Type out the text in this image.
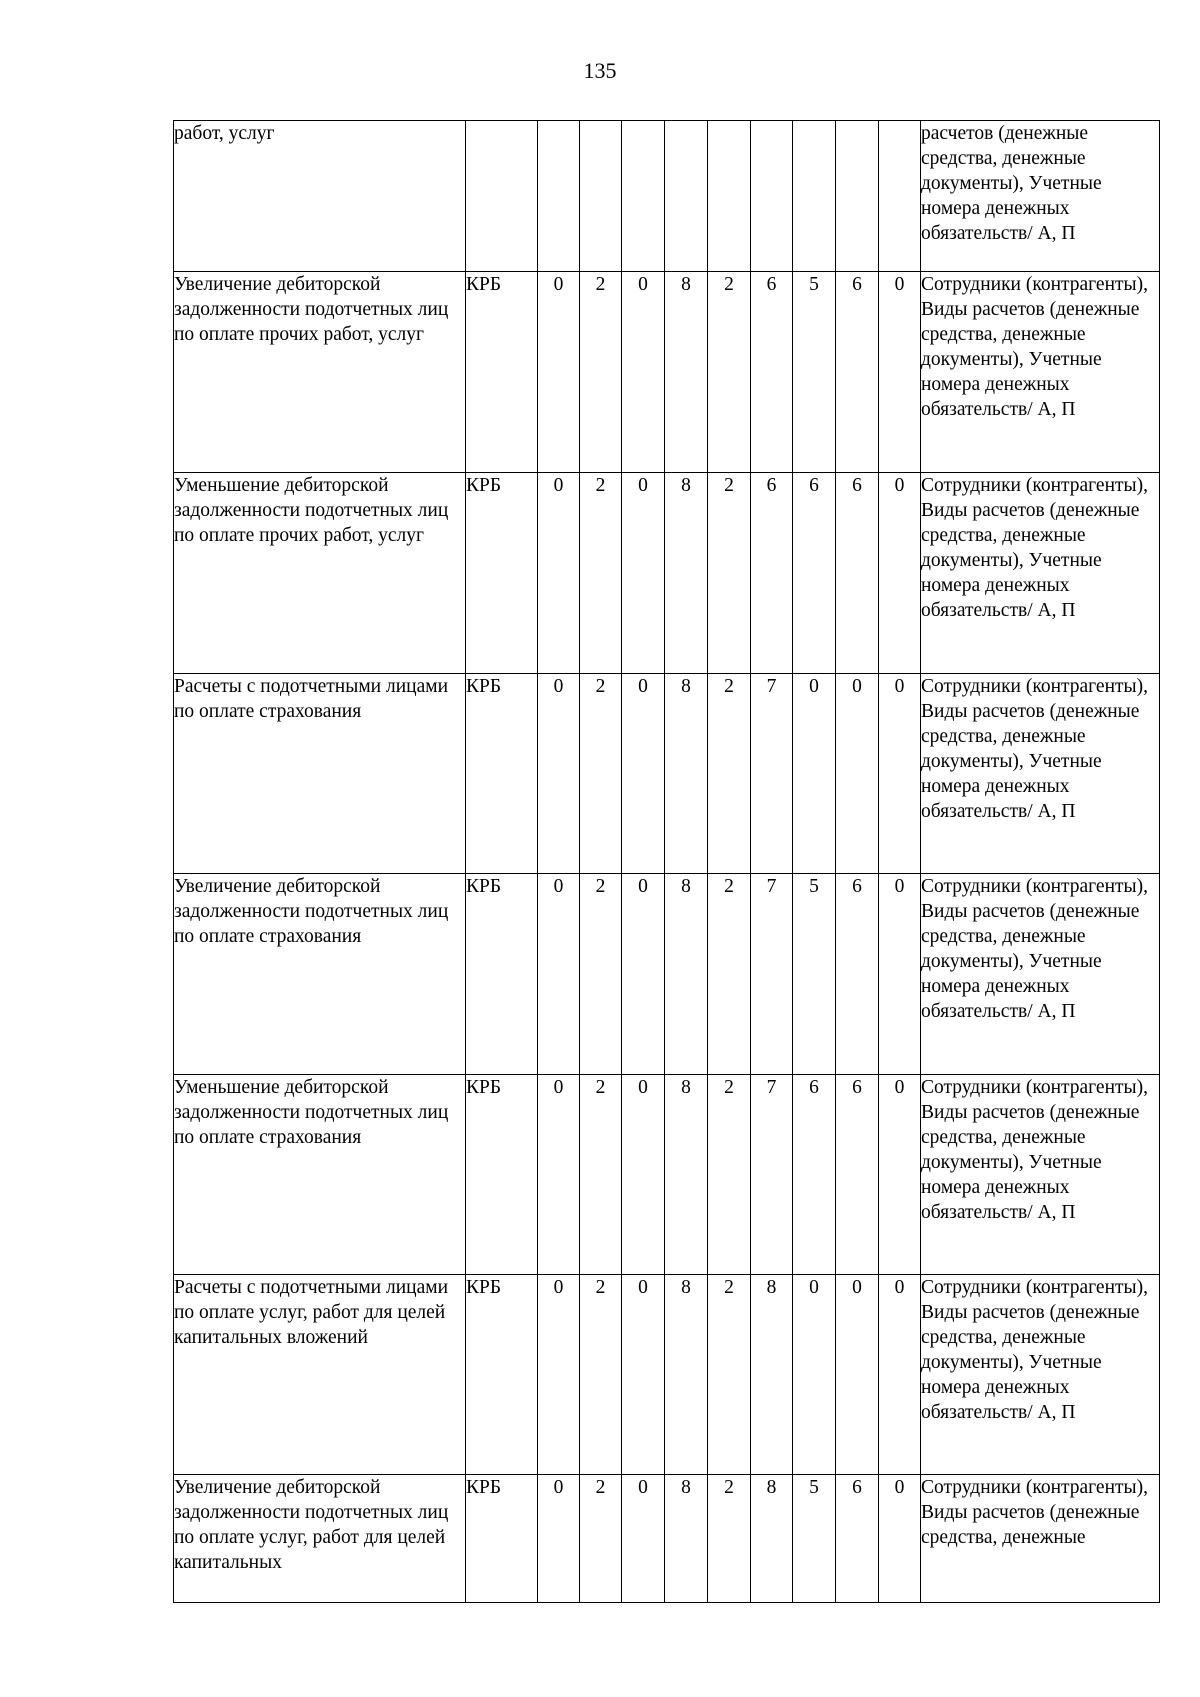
135
работ, услуг											расчетов (денежные средства, денежные документы), Учетные номера денежных обязательств/ А, П
Увеличение дебиторской задолженности подотчетных лиц по оплате прочих работ, услуг	КРБ	0	2	0	8	2	6	5	6	0	Сотрудники (контрагенты), Виды расчетов (денежные средства, денежные документы), Учетные номера денежных обязательств/ А, П
Уменьшение дебиторской задолженности подотчетных лиц по оплате прочих работ, услуг	КРБ	0	2	0	8	2	6	6	6	0	Сотрудники (контрагенты), Виды расчетов (денежные средства, денежные документы), Учетные номера денежных обязательств/ А, П
Расчеты с подотчетными лицами по оплате страхования	КРБ	0	2	0	8	2	7	0	0	0	Сотрудники (контрагенты), Виды расчетов (денежные средства, денежные документы), Учетные номера денежных обязательств/ А, П
Увеличение дебиторской задолженности подотчетных лиц по оплате страхования	КРБ	0	2	0	8	2	7	5	6	0	Сотрудники (контрагенты), Виды расчетов (денежные средства, денежные документы), Учетные номера денежных обязательств/ А, П
Уменьшение дебиторской задолженности подотчетных лиц по оплате страхования	КРБ	0	2	0	8	2	7	6	6	0	Сотрудники (контрагенты), Виды расчетов (денежные средства, денежные документы), Учетные номера денежных обязательств/ А, П
Расчеты с подотчетными лицами по оплате услуг, работ для целей капитальных вложений	КРБ	0	2	0	8	2	8	0	0	0	Сотрудники (контрагенты), Виды расчетов (денежные средства, денежные документы), Учетные номера денежных обязательств/ А, П
Увеличение дебиторской задолженности подотчетных лиц по оплате услуг, работ для целей капитальных	КРБ	0	2	0	8	2	8	5	6	0	Сотрудники (контрагенты), Виды расчетов (денежные средства, денежные
